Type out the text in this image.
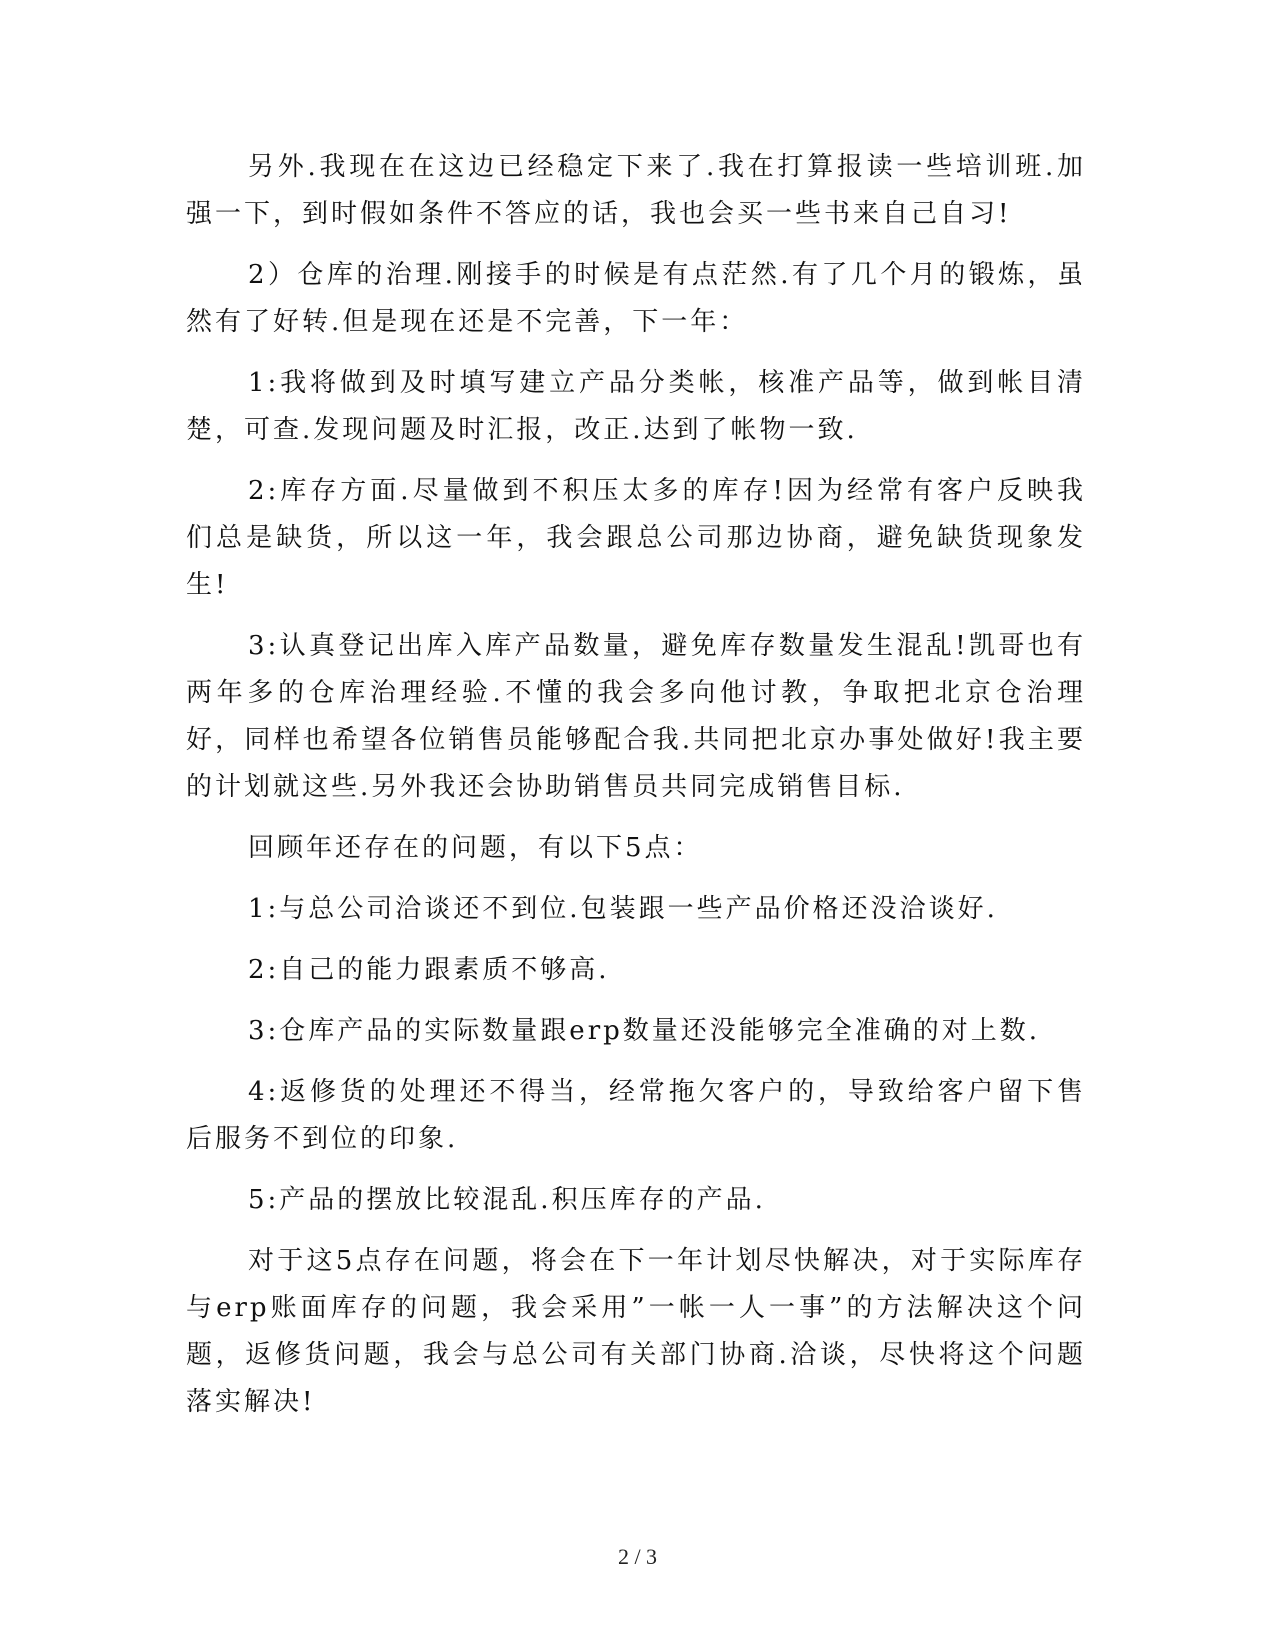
另外.我现在在这边已经稳定下来了.我在打算报读一些培训班.加强一下，到时假如条件不答应的话，我也会买一些书来自己自习!

2）仓库的治理.刚接手的时候是有点茫然.有了几个月的锻炼，虽然有了好转.但是现在还是不完善，下一年：

1:我将做到及时填写建立产品分类帐，核准产品等，做到帐目清楚，可查.发现问题及时汇报，改正.达到了帐物一致.

2:库存方面.尽量做到不积压太多的库存!因为经常有客户反映我们总是缺货，所以这一年，我会跟总公司那边协商，避免缺货现象发生!

3:认真登记出库入库产品数量，避免库存数量发生混乱!凯哥也有两年多的仓库治理经验.不懂的我会多向他讨教，争取把北京仓治理好，同样也希望各位销售员能够配合我.共同把北京办事处做好!我主要的计划就这些.另外我还会协助销售员共同完成销售目标.

回顾年还存在的问题，有以下5点：

1:与总公司洽谈还不到位.包装跟一些产品价格还没洽谈好.

2:自己的能力跟素质不够高.

3:仓库产品的实际数量跟erp数量还没能够完全准确的对上数.

4:返修货的处理还不得当，经常拖欠客户的，导致给客户留下售后服务不到位的印象.

5:产品的摆放比较混乱.积压库存的产品.

对于这5点存在问题，将会在下一年计划尽快解决，对于实际库存与erp账面库存的问题，我会采用”一帐一人一事”的方法解决这个问题，返修货问题，我会与总公司有关部门协商.洽谈，尽快将这个问题落实解决!

2 / 3
